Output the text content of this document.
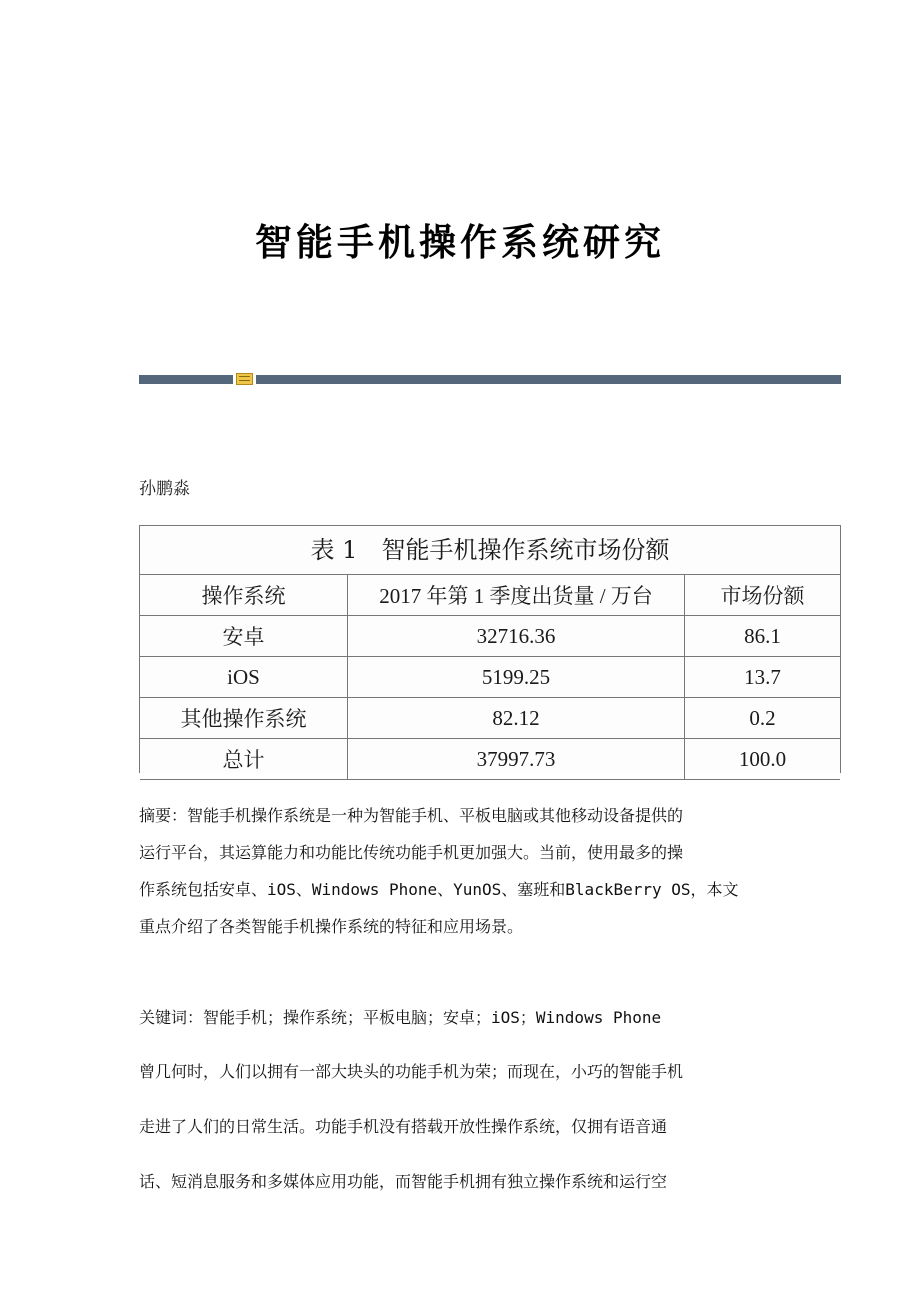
智能手机操作系统研究
孙鹏淼
表 1　智能手机操作系统市场份额
操作系统	2017 年第 1 季度出货量 / 万台	市场份额
安卓	32716.36	86.1
iOS	5199.25	13.7
其他操作系统	82.12	0.2
总计	37997.73	100.0
摘要：智能手机操作系统是一种为智能手机、平板电脑或其他移动设备提供的
运行平台，其运算能力和功能比传统功能手机更加强大。当前，使用最多的操
作系统包括安卓、iOS、Windows Phone、YunOS、塞班和BlackBerry OS，本文
重点介绍了各类智能手机操作系统的特征和应用场景。
关键词：智能手机；操作系统；平板电脑；安卓；iOS；Windows Phone
曾几何时，人们以拥有一部大块头的功能手机为荣；而现在，小巧的智能手机
走进了人们的日常生活。功能手机没有搭载开放性操作系统，仅拥有语音通
话、短消息服务和多媒体应用功能，而智能手机拥有独立操作系统和运行空
